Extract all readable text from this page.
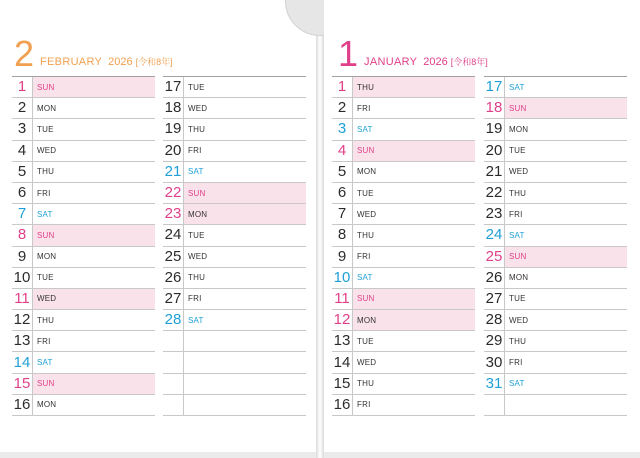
2 FEBRUARY 2026 [令和8年]
1	SUN
2	MON
3	TUE
4	WED
5	THU
6	FRI
7	SAT
8	SUN
9	MON
10 TUE
11 WED
12 THU
13 FRI
14 SAT
15 SUN
16 MON
17 TUE
18 WED
19 THU
20 FRI
21 SAT
22 SUN
23 MON
24 TUE
25 WED
26 THU
27 FRI
28 SAT
1 JANUARY 2026 [令和8年]
1	THU
2	FRI
3	SAT
4	SUN
5	MON
6	TUE
7	WED
8	THU
9	FRI
10 SAT
11 SUN
12 MON
13 TUE
14 WED
15 THU
16 FRI
17 SAT
18 SUN
19 MON
20 TUE
21 WED
22 THU
23 FRI
24 SAT
25 SUN
26 MON
27 TUE
28 WED
29 THU
30 FRI
31 SAT
